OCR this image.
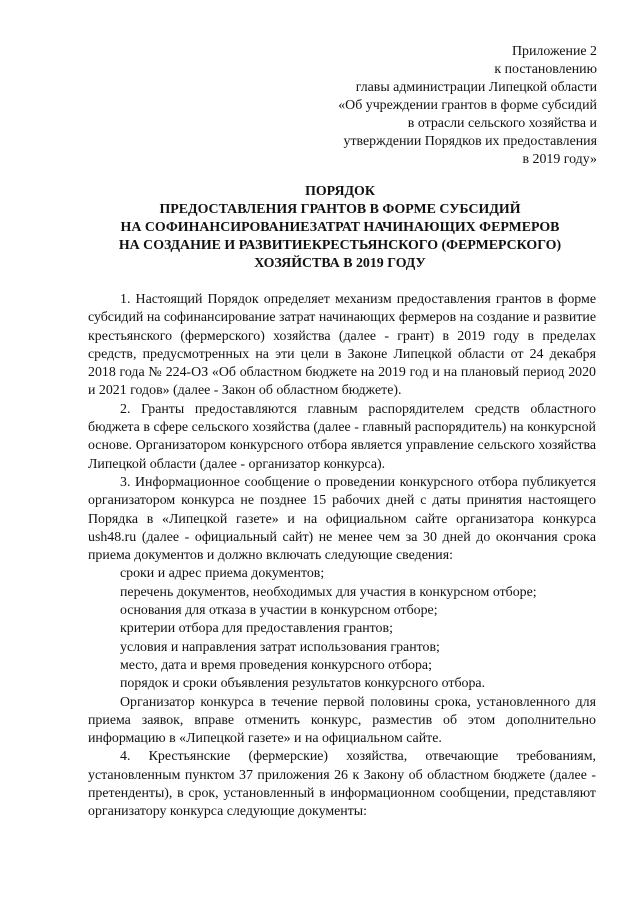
Приложение 2
к постановлению
главы администрации Липецкой области
«Об учреждении грантов в форме субсидий
в отрасли сельского хозяйства и
утверждении Порядков их предоставления
в 2019 году»
ПОРЯДОК
ПРЕДОСТАВЛЕНИЯ ГРАНТОВ В ФОРМЕ СУБСИДИЙ
НА СОФИНАНСИРОВАНИЕЗАТРАТ НАЧИНАЮЩИХ ФЕРМЕРОВ
НА СОЗДАНИЕ И РАЗВИТИЕКРЕСТЬЯНСКОГО (ФЕРМЕРСКОГО)
ХОЗЯЙСТВА В 2019 ГОДУ

1. Настоящий Порядок определяет механизм предоставления грантов в форме субсидий на софинансирование затрат начинающих фермеров на создание и развитие крестьянского (фермерского) хозяйства (далее - грант) в 2019 году в пределах средств, предусмотренных на эти цели в Законе Липецкой области от 24 декабря 2018 года № 224-ОЗ «Об областном бюджете на 2019 год и на плановый период 2020 и 2021 годов» (далее - Закон об областном бюджете).

2. Гранты предоставляются главным распорядителем средств областного бюджета в сфере сельского хозяйства (далее - главный распорядитель) на конкурсной основе. Организатором конкурсного отбора является управление сельского хозяйства Липецкой области (далее - организатор конкурса).

3. Информационное сообщение о проведении конкурсного отбора публикуется организатором конкурса не позднее 15 рабочих дней с даты принятия настоящего Порядка в «Липецкой газете» и на официальном сайте организатора конкурса ush48.ru (далее - официальный сайт) не менее чем за 30 дней до окончания срока приема документов и должно включать следующие сведения:

сроки и адрес приема документов;

перечень документов, необходимых для участия в конкурсном отборе;

основания для отказа в участии в конкурсном отборе;

критерии отбора для предоставления грантов;

условия и направления затрат использования грантов;

место, дата и время проведения конкурсного отбора;

порядок и сроки объявления результатов конкурсного отбора.

Организатор конкурса в течение первой половины срока, установленного для приема заявок, вправе отменить конкурс, разместив об этом дополнительно информацию в «Липецкой газете» и на официальном сайте.

4. Крестьянские (фермерские) хозяйства, отвечающие требованиям, установленным пунктом 37 приложения 26 к Закону об областном бюджете (далее - претенденты), в срок, установленный в информационном сообщении, представляют организатору конкурса следующие документы:
